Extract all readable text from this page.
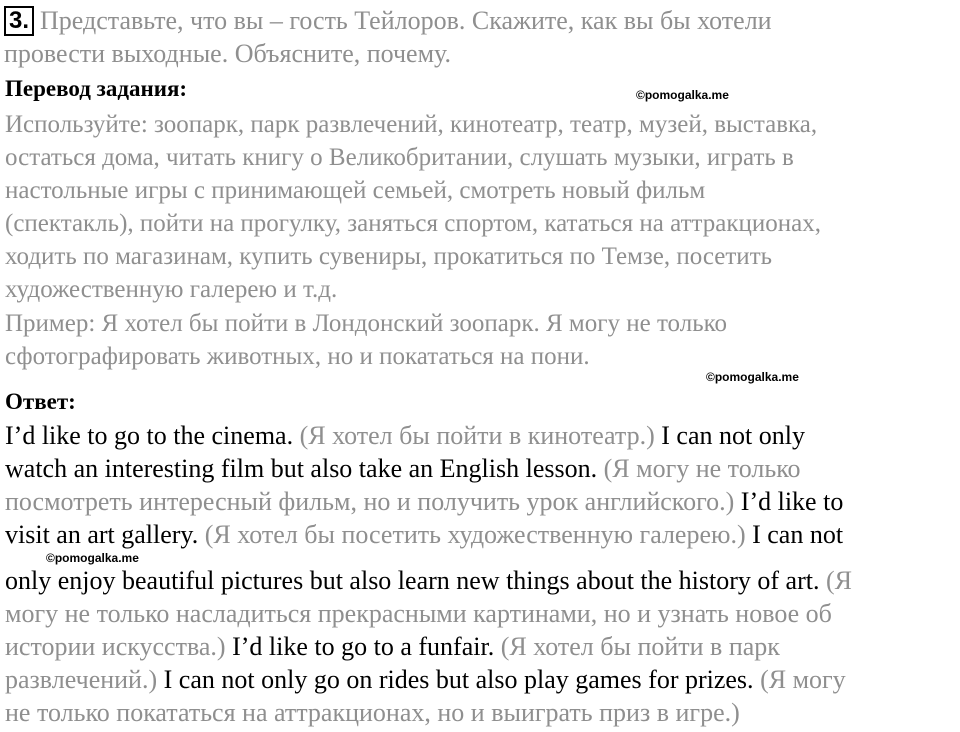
3. Представьте, что вы – гость Тейлоров. Скажите, как вы бы хотели
провести выходные. Объясните, почему.
Перевод задания:	©pomogalka.me
Используйте: зоопарк, парк развлечений, кинотеатр, театр, музей, выставка,
остаться дома, читать книгу о Великобритании, слушать музыки, играть в
настольные игры с принимающей семьей, смотреть новый фильм
(спектакль), пойти на прогулку, заняться спортом, кататься на аттракционах,
ходить по магазинам, купить сувениры, прокатиться по Темзе, посетить
художественную галерею и т.д.
Пример: Я хотел бы пойти в Лондонский зоопарк. Я могу не только
сфотографировать животных, но и покататься на пони.
©pomogalka.me
Ответ:
I’d like to go to the cinema. (Я хотел бы пойти в кинотеатр.) I can not only
watch an interesting film but also take an English lesson. (Я могу не только
посмотреть интересный фильм, но и получить урок английского.) I’d like to
visit an art gallery. (Я хотел бы посетить художественную галерею.) I can not
only enjoy beautiful pictures but also learn new things about the history of art. (Я
могу не только насладиться прекрасными картинами, но и узнать новое об
истории искусства.) I’d like to go to a funfair. (Я хотел бы пойти в парк
развлечений.) I can not only go on rides but also play games for prizes. (Я могу
не только покататься на аттракционах, но и выиграть приз в игре.)
©pomogalka.me
